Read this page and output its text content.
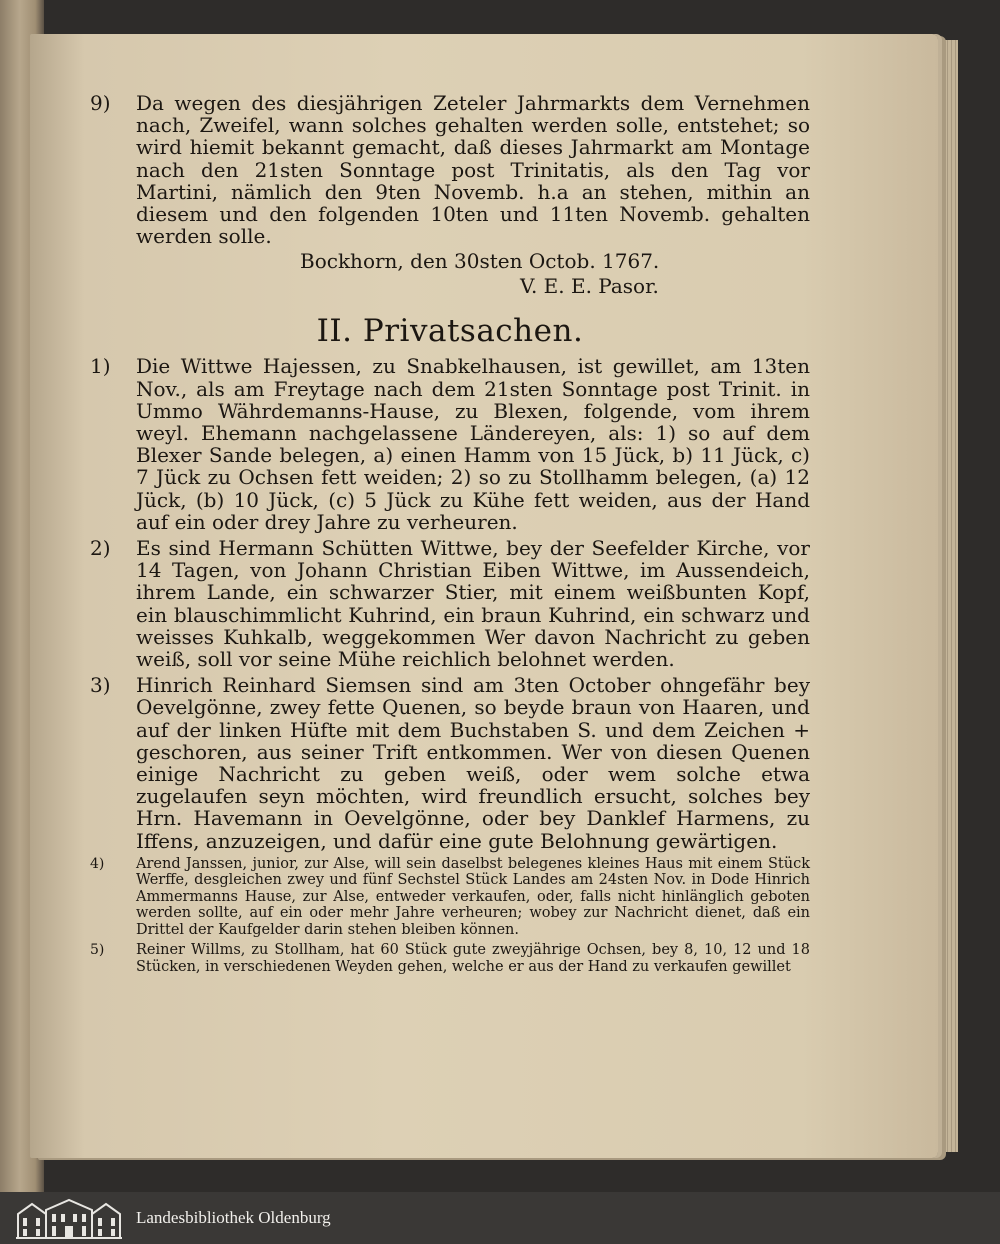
9) Da wegen des diesjährigen Zeteler Jahrmarkts dem Vernehmen nach, Zweifel, wann solches gehalten werden solle, entstehet; so wird hiemit bekannt gemacht, daß dieses Jahrmarkt am Montage nach den 21sten Sonntage post Trinitatis, als den Tag vor Martini, nämlich den 9ten Novemb. h.a an stehen, mithin an diesem und den folgenden 10ten und 11ten Novemb. gehalten werden solle.
Bockhorn, den 30sten Octob. 1767.
V. E. E. Pasor.
II. Privatsachen.
1) Die Wittwe Hajessen, zu Snabkelhausen, ist gewillet, am 13ten Nov., als am Freytage nach dem 21sten Sonntage post Trinit. in Ummo Währdemanns-Hause, zu Blexen, folgende, vom ihrem weyl. Ehemann nachgelassene Ländereyen, als: 1) so auf dem Blexer Sande belegen, a) einen Hamm von 15 Jück, b) 11 Jück, c) 7 Jück zu Ochsen fett weiden; 2) so zu Stollhamm belegen, (a) 12 Jück, (b) 10 Jück, (c) 5 Jück zu Kühe fett weiden, aus der Hand auf ein oder drey Jahre zu verheuren.
2) Es sind Hermann Schütten Wittwe, bey der Seefelder Kirche, vor 14 Tagen, von Johann Christian Eiben Wittwe, im Aussendeich, ihrem Lande, ein schwarzer Stier, mit einem weißbunten Kopf, ein blauschimmlicht Kuhrind, ein braun Kuhrind, ein schwarz und weisses Kuhkalb, weggekommen Wer davon Nachricht zu geben weiß, soll vor seine Mühe reichlich belohnet werden.
3) Hinrich Reinhard Siemsen sind am 3ten October ohngefähr bey Oevelgönne, zwey fette Quenen, so beyde braun von Haaren, und auf der linken Hüfte mit dem Buchstaben S. und dem Zeichen + geschoren, aus seiner Trift entkommen. Wer von diesen Quenen einige Nachricht zu geben weiß, oder wem solche etwa zugelaufen seyn möchten, wird freundlich ersucht, solches bey Hrn. Havemann in Oevelgönne, oder bey Danklef Harmens, zu Iffens, anzuzeigen, und dafür eine gute Belohnung gewärtigen.
4) Arend Janssen, junior, zur Alse, will sein daselbst belegenes kleines Haus mit einem Stück Werffe, desgleichen zwey und fünf Sechstel Stück Landes am 24sten Nov. in Dode Hinrich Ammermanns Hause, zur Alse, entweder verkaufen, oder, falls nicht hinlänglich geboten werden sollte, auf ein oder mehr Jahre verheuren; wobey zur Nachricht dienet, daß ein Drittel der Kaufgelder darin stehen bleiben können.
5) Reiner Willms, zu Stollham, hat 60 Stück gute zweyjährige Ochsen, bey 8, 10, 12 und 18 Stücken, in verschiedenen Weyden gehen, welche er aus der Hand zu verkaufen gewillet
Landesbibliothek Oldenburg
